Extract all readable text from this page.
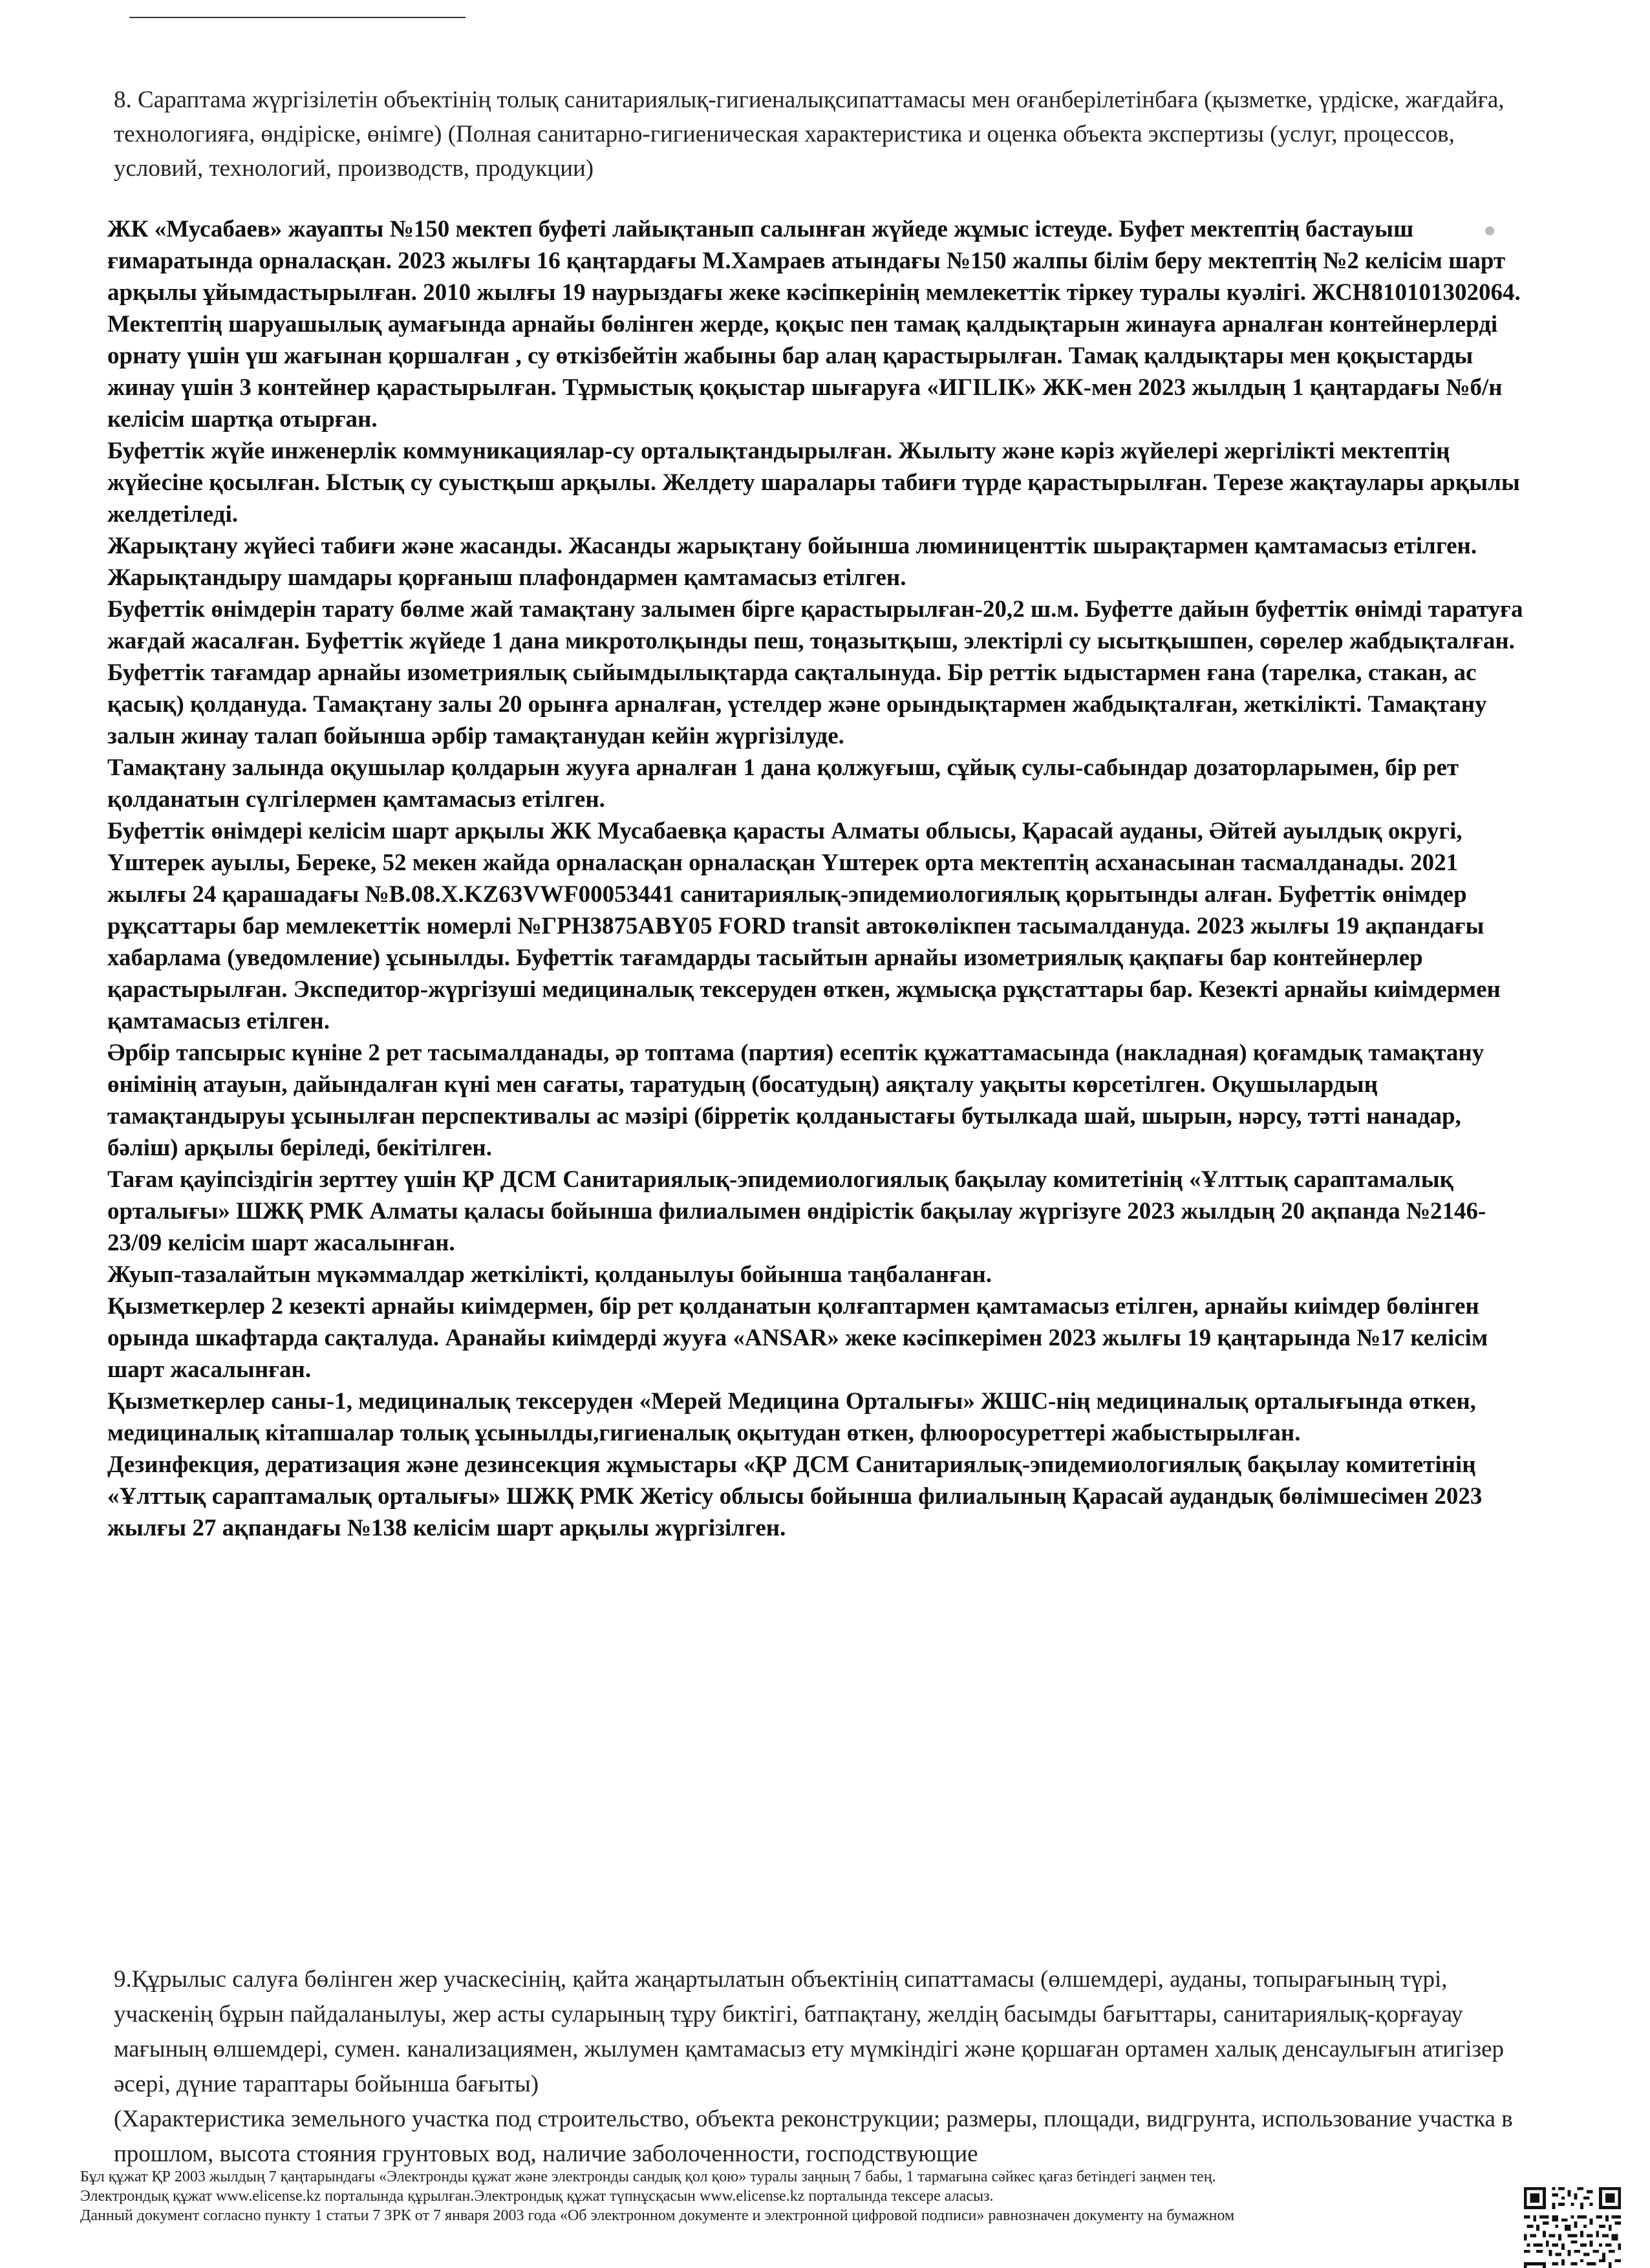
8. Сараптама жүргізілетін объектінің толық санитариялық-гигиеналықсипаттамасы мен оғанберілетінбаға (қызметке, үрдіске, жағдайға, технологияға, өндіріске, өнімге) (Полная санитарно-гигиеническая характеристика и оценка объекта экспертизы (услуг, процессов, условий, технологий, производств, продукции)

ЖК «Мусабаев» жауапты №150 мектеп буфеті лайықтанып салынған жүйеде жұмыс істеуде. Буфет мектептің бастауыш ғимаратында орналасқан. 2023 жылғы 16 қаңтардағы М.Хамраев атындағы №150 жалпы білім беру мектептің №2 келісім шарт арқылы ұйымдастырылған. 2010 жылғы 19 наурыздағы жеке кәсіпкерінің мемлекеттік тіркеу туралы куәлігі. ЖСН810101302064.

Мектептің шаруашылық аумағында арнайы бөлінген жерде, қоқыс пен тамақ қалдықтарын жинауға арналған контейнерлерді орнату үшін үш жағынан қоршалған , су өткізбейтін жабыны бар алаң қарастырылған. Тамақ қалдықтары мен қоқыстарды жинау үшін 3 контейнер қарастырылған. Тұрмыстық қоқыстар шығаруға «ИГІLІК» ЖК-мен 2023 жылдың 1 қаңтардағы №б/н келісім шартқа отырған.

Буфеттік жүйе инженерлік коммуникациялар-су орталықтандырылған. Жылыту және кәріз жүйелері жергілікті мектептің жүйесіне қосылған. Ыстық су суыстқыш арқылы. Желдету шаралары табиғи түрде қарастырылған. Терезе жақтаулары арқылы желдетіледі.

Жарықтану жүйесі табиғи және жасанды. Жасанды жарықтану бойынша люминиценттік шырақтармен қамтамасыз етілген. Жарықтандыру шамдары қорғаныш плафондармен қамтамасыз етілген.

Буфеттік өнімдерін тарату бөлме жай тамақтану залымен бірге қарастырылған-20,2 ш.м. Буфетте дайын буфеттік өнімді таратуға жағдай жасалған. Буфеттік жүйеде 1 дана микротолқынды пеш, тоңазытқыш, электірлі су ысытқышпен, сөрелер жабдықталған. Буфеттік тағамдар арнайы изометриялық сыйымдылықтарда сақталынуда. Бір реттік ыдыстармен ғана (тарелка, стакан, ас қасық) қолдануда. Тамақтану залы 20 орынға арналған, үстелдер және орындықтармен жабдықталған, жеткілікті. Тамақтану залын жинау талап бойынша әрбір тамақтанудан кейін жүргізілуде.

Тамақтану залында оқушылар қолдарын жууға арналған 1 дана қолжуғыш, сұйық сулы-сабындар дозаторларымен, бір рет қолданатын сүлгілермен қамтамасыз етілген.

Буфеттік өнімдері келісім шарт арқылы ЖК Мусабаевқа қарасты Алматы облысы, Қарасай ауданы, Әйтей ауылдық округі, Үштерек ауылы, Береке, 52 мекен жайда орналасқан орналасқан Үштерек орта мектептің асханасынан тасмалданады. 2021 жылғы 24 қарашадағы №B.08.X.KZ63VWF00053441 санитариялық-эпидемиологиялық қорытынды алған. Буфеттік өнімдер рұқсаттары бар мемлекеттік номерлі №ГРН3875ABY05 FORD transit автокөлікпен тасымалдануда. 2023 жылғы 19 ақпандағы хабарлама (уведомление) ұсынылды. Буфеттік тағамдарды тасыйтын арнайы изометриялық қақпағы бар контейнерлер қарастырылған. Экспедитор-жүргізуші медициналық тексеруден өткен, жұмысқа рұқстаттары бар. Кезекті арнайы киімдермен қамтамасыз етілген.

Әрбір тапсырыс күніне 2 рет тасымалданады, әр топтама (партия) есептік құжаттамасында (накладная) қоғамдық тамақтану өнімінің атауын, дайындалған күні мен сағаты, таратудың (босатудың) аяқталу уақыты көрсетілген. Оқушылардың тамақтандыруы ұсынылған перспективалы ас мәзірі (бірретік қолданыстағы бутылкада шай, шырын, нәрсу, тәтті нанадар, бәліш) арқылы беріледі, бекітілген.

Тағам қауіпсіздігін зерттеу үшін ҚР ДСМ Санитариялық-эпидемиологиялық бақылау комитетінің «Ұлттық сараптамалық орталығы» ШЖҚ РМК Алматы қаласы бойынша филиалымен өндірістік бақылау жүргізуге 2023 жылдың 20 ақпанда №2146-23/09 келісім шарт жасалынған.

Жуып-тазалайтын мүкәммалдар жеткілікті, қолданылуы бойынша таңбаланған.

Қызметкерлер 2 кезекті арнайы киімдермен, бір рет қолданатын қолғаптармен қамтамасыз етілген, арнайы киімдер бөлінген орында шкафтарда сақталуда. Аранайы киімдерді жууға «ANSAR» жеке кәсіпкерімен 2023 жылғы 19 қаңтарында №17 келісім шарт жасалынған.

Қызметкерлер саны-1, медициналық тексеруден «Мерей Медицина Орталығы» ЖШС-нің медициналық орталығында өткен, медициналық кітапшалар толық ұсынылды,гигиеналық оқытудан өткен, флюоросуреттері жабыстырылған.

Дезинфекция, дератизация және дезинсекция жұмыстары «ҚР ДСМ Санитариялық-эпидемиологиялық бақылау комитетінің «Ұлттық сараптамалық орталығы» ШЖҚ РМК Жетісу облысы бойынша филиалының Қарасай аудандық бөлімшесімен 2023 жылғы 27 ақпандағы №138 келісім шарт арқылы жүргізілген.

9.Құрылыс салуға бөлінген жер учаскесінің, қайта жаңартылатын объектінің сипаттамасы (өлшемдері, ауданы, топырағының түрі, учаскенің бұрын пайдаланылуы, жер асты суларының тұру биктігі, батпақтану, желдің басымды бағыттары, санитариялық-қорғауау мағының өлшемдері, сумен. канализациямен, жылумен қамтамасыз ету мүмкіндігі және қоршаған ортамен халық денсаулығын атигізер әсері, дүние тараптары бойынша бағыты)

(Характеристика земельного участка под строительство, объекта реконструкции; размеры, площади, видгрунта, использование участка в прошлом, высота стояния грунтовых вод, наличие заболоченности, господствующие

Бұл құжат ҚР 2003 жылдың 7 қаңтарындағы «Электронды құжат және электронды сандық қол қою» туралы заңның 7 бабы, 1 тармағына сәйкес қағаз бетіндегі заңмен тең.

Электрондық құжат www.elicense.kz порталында құрылған.Электрондық құжат түпнұсқасын www.elicense.kz порталында тексере аласыз.

Данный документ согласно пункту 1 статьи 7 ЗРК от 7 января 2003 года «Об электронном документе и электронной цифровой подписи» равнозначен документу на бумажном
